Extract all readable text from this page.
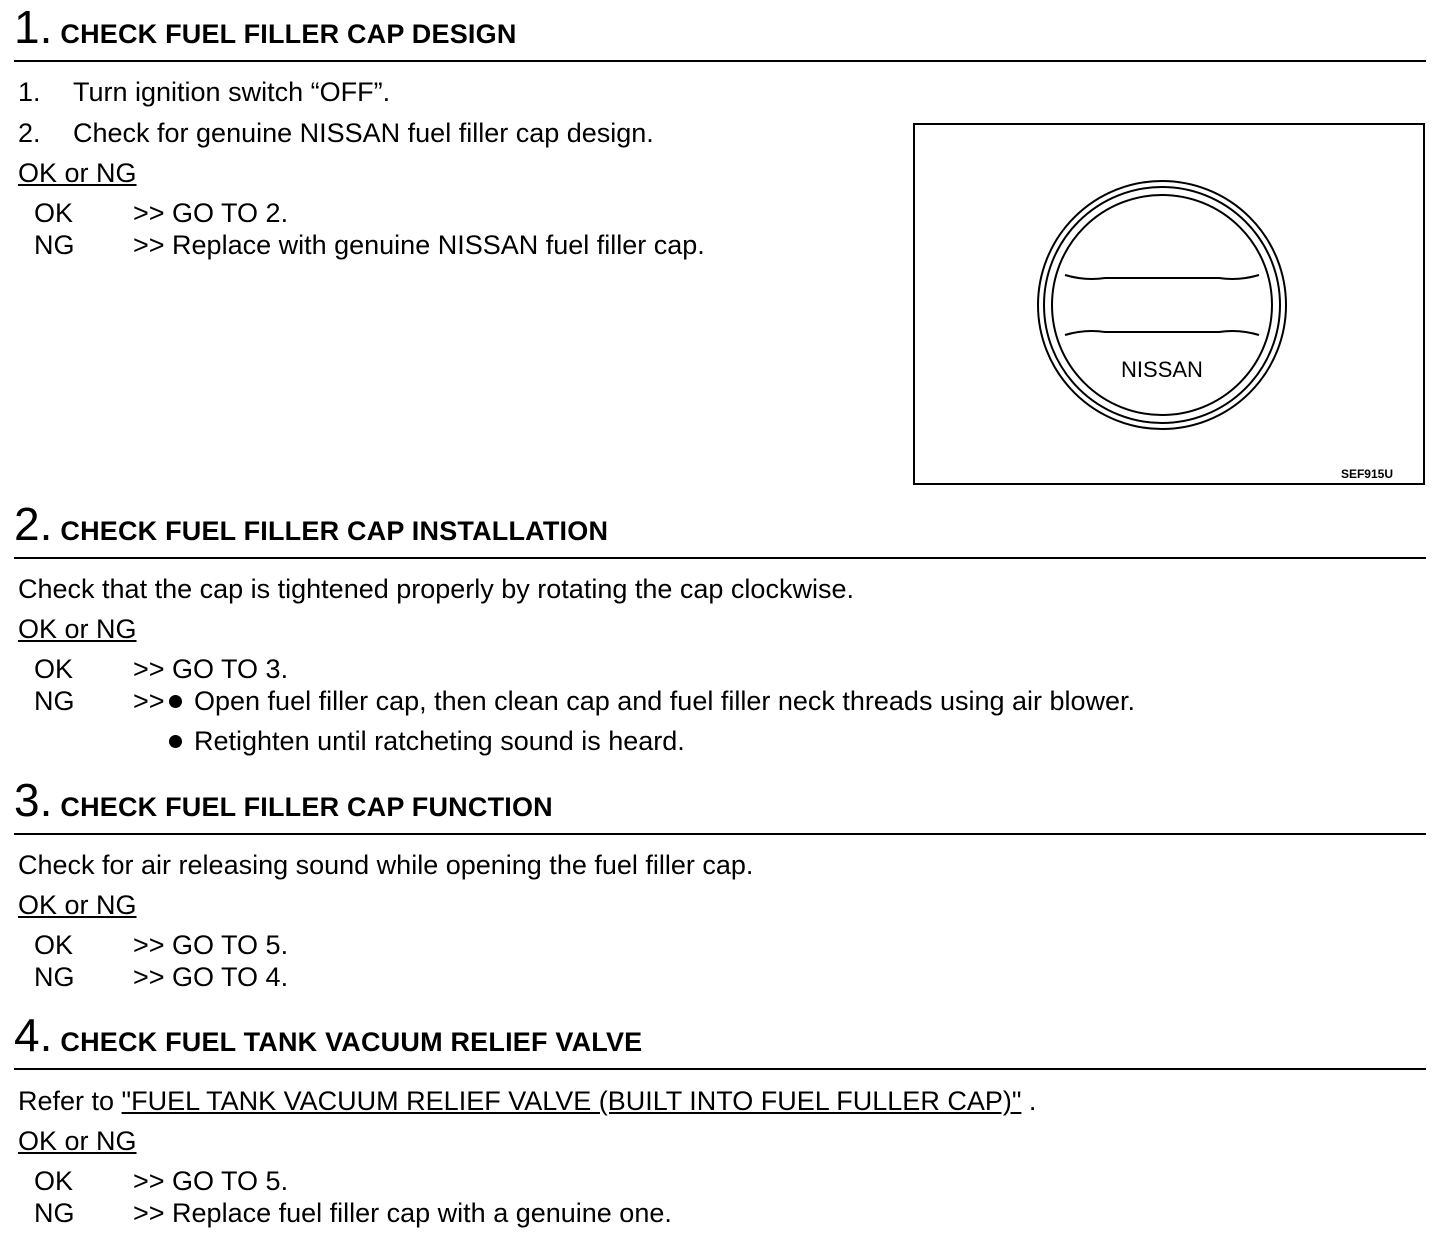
1. CHECK FUEL FILLER CAP DESIGN
1. Turn ignition switch “OFF”.
2. Check for genuine NISSAN fuel filler cap design.
OK or NG
OK >> GO TO 2.
NG >> Replace with genuine NISSAN fuel filler cap.
NISSAN
SEF915U
2. CHECK FUEL FILLER CAP INSTALLATION
Check that the cap is tightened properly by rotating the cap clockwise.
OK or NG
OK >> GO TO 3.
NG >>	Open fuel filler cap, then clean cap and fuel filler neck threads using air blower.
Retighten until ratcheting sound is heard.
3. CHECK FUEL FILLER CAP FUNCTION
Check for air releasing sound while opening the fuel filler cap.
OK or NG
OK >> GO TO 5.
NG >> GO TO 4.
4. CHECK FUEL TANK VACUUM RELIEF VALVE
Refer to "FUEL TANK VACUUM RELIEF VALVE (BUILT INTO FUEL FULLER CAP)" .
OK or NG
OK >> GO TO 5.
NG >> Replace fuel filler cap with a genuine one.
